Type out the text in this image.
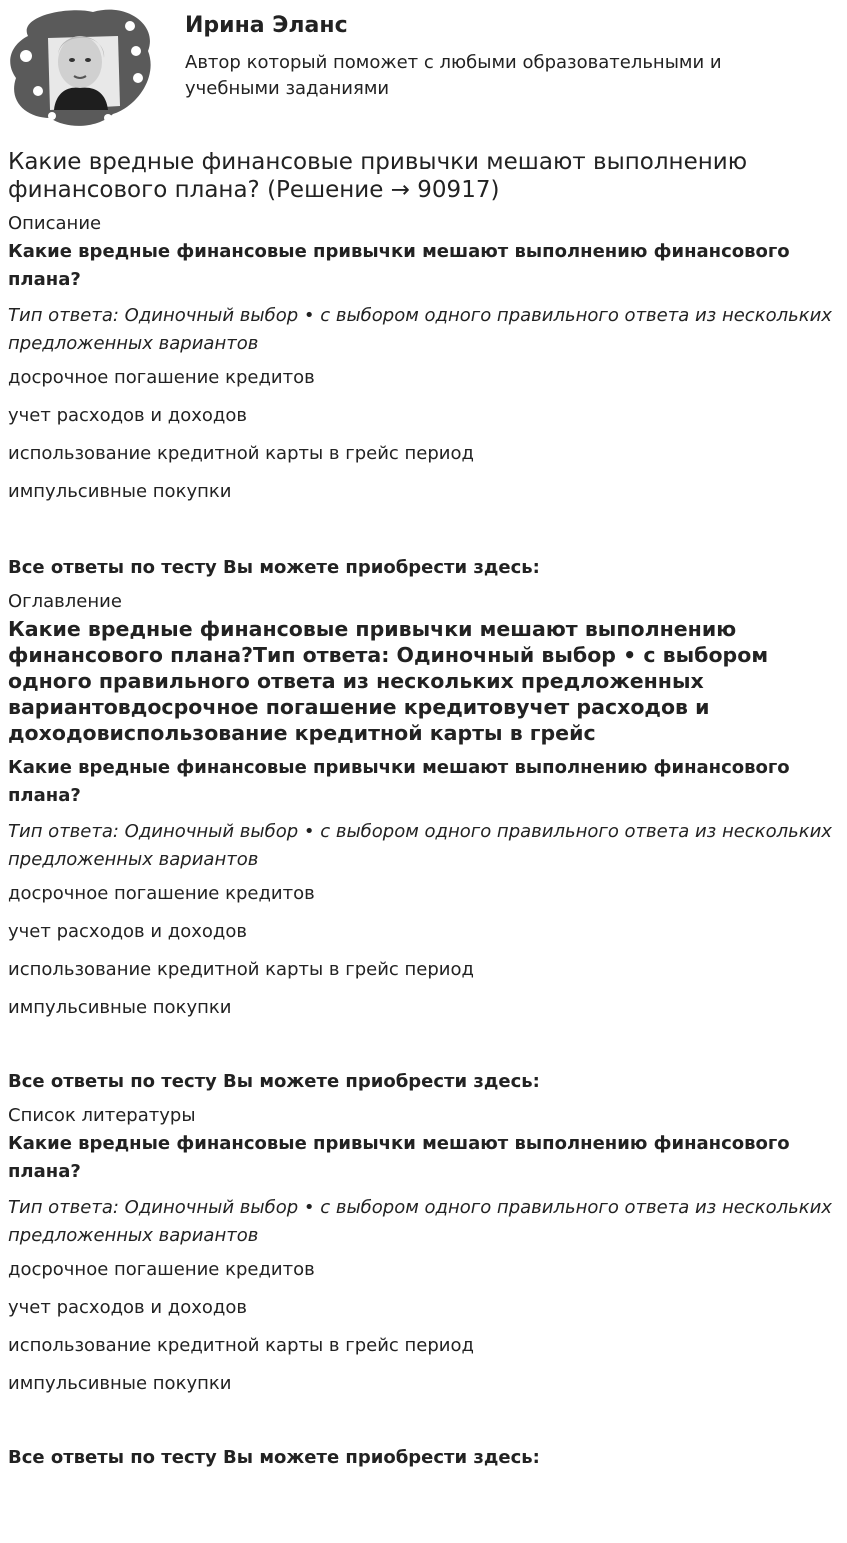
Ирина Эланс

Автор который поможет с любыми образовательными и учебными заданиями

Какие вредные финансовые привычки мешают выполнению финансового плана? (Решение → 90917)

Описание

Какие вредные финансовые привычки мешают выполнению финансового плана?

Тип ответа: Одиночный выбор • с выбором одного правильного ответа из нескольких предложенных вариантов

досрочное погашение кредитов

учет расходов и доходов

использование кредитной карты в грейс период

импульсивные покупки

Все ответы по тесту Вы можете приобрести здесь:

Оглавление

Какие вредные финансовые привычки мешают выполнению финансового плана?Тип ответа: Одиночный выбор • с выбором одного правильного ответа из нескольких предложенных вариантовдосрочное погашение кредитовучет расходов и доходовиспользование кредитной карты в грейс

Какие вредные финансовые привычки мешают выполнению финансового плана?

Тип ответа: Одиночный выбор • с выбором одного правильного ответа из нескольких предложенных вариантов

досрочное погашение кредитов

учет расходов и доходов

использование кредитной карты в грейс период

импульсивные покупки

Все ответы по тесту Вы можете приобрести здесь:

Список литературы

Какие вредные финансовые привычки мешают выполнению финансового плана?

Тип ответа: Одиночный выбор • с выбором одного правильного ответа из нескольких предложенных вариантов

досрочное погашение кредитов

учет расходов и доходов

использование кредитной карты в грейс период

импульсивные покупки

Все ответы по тесту Вы можете приобрести здесь:
